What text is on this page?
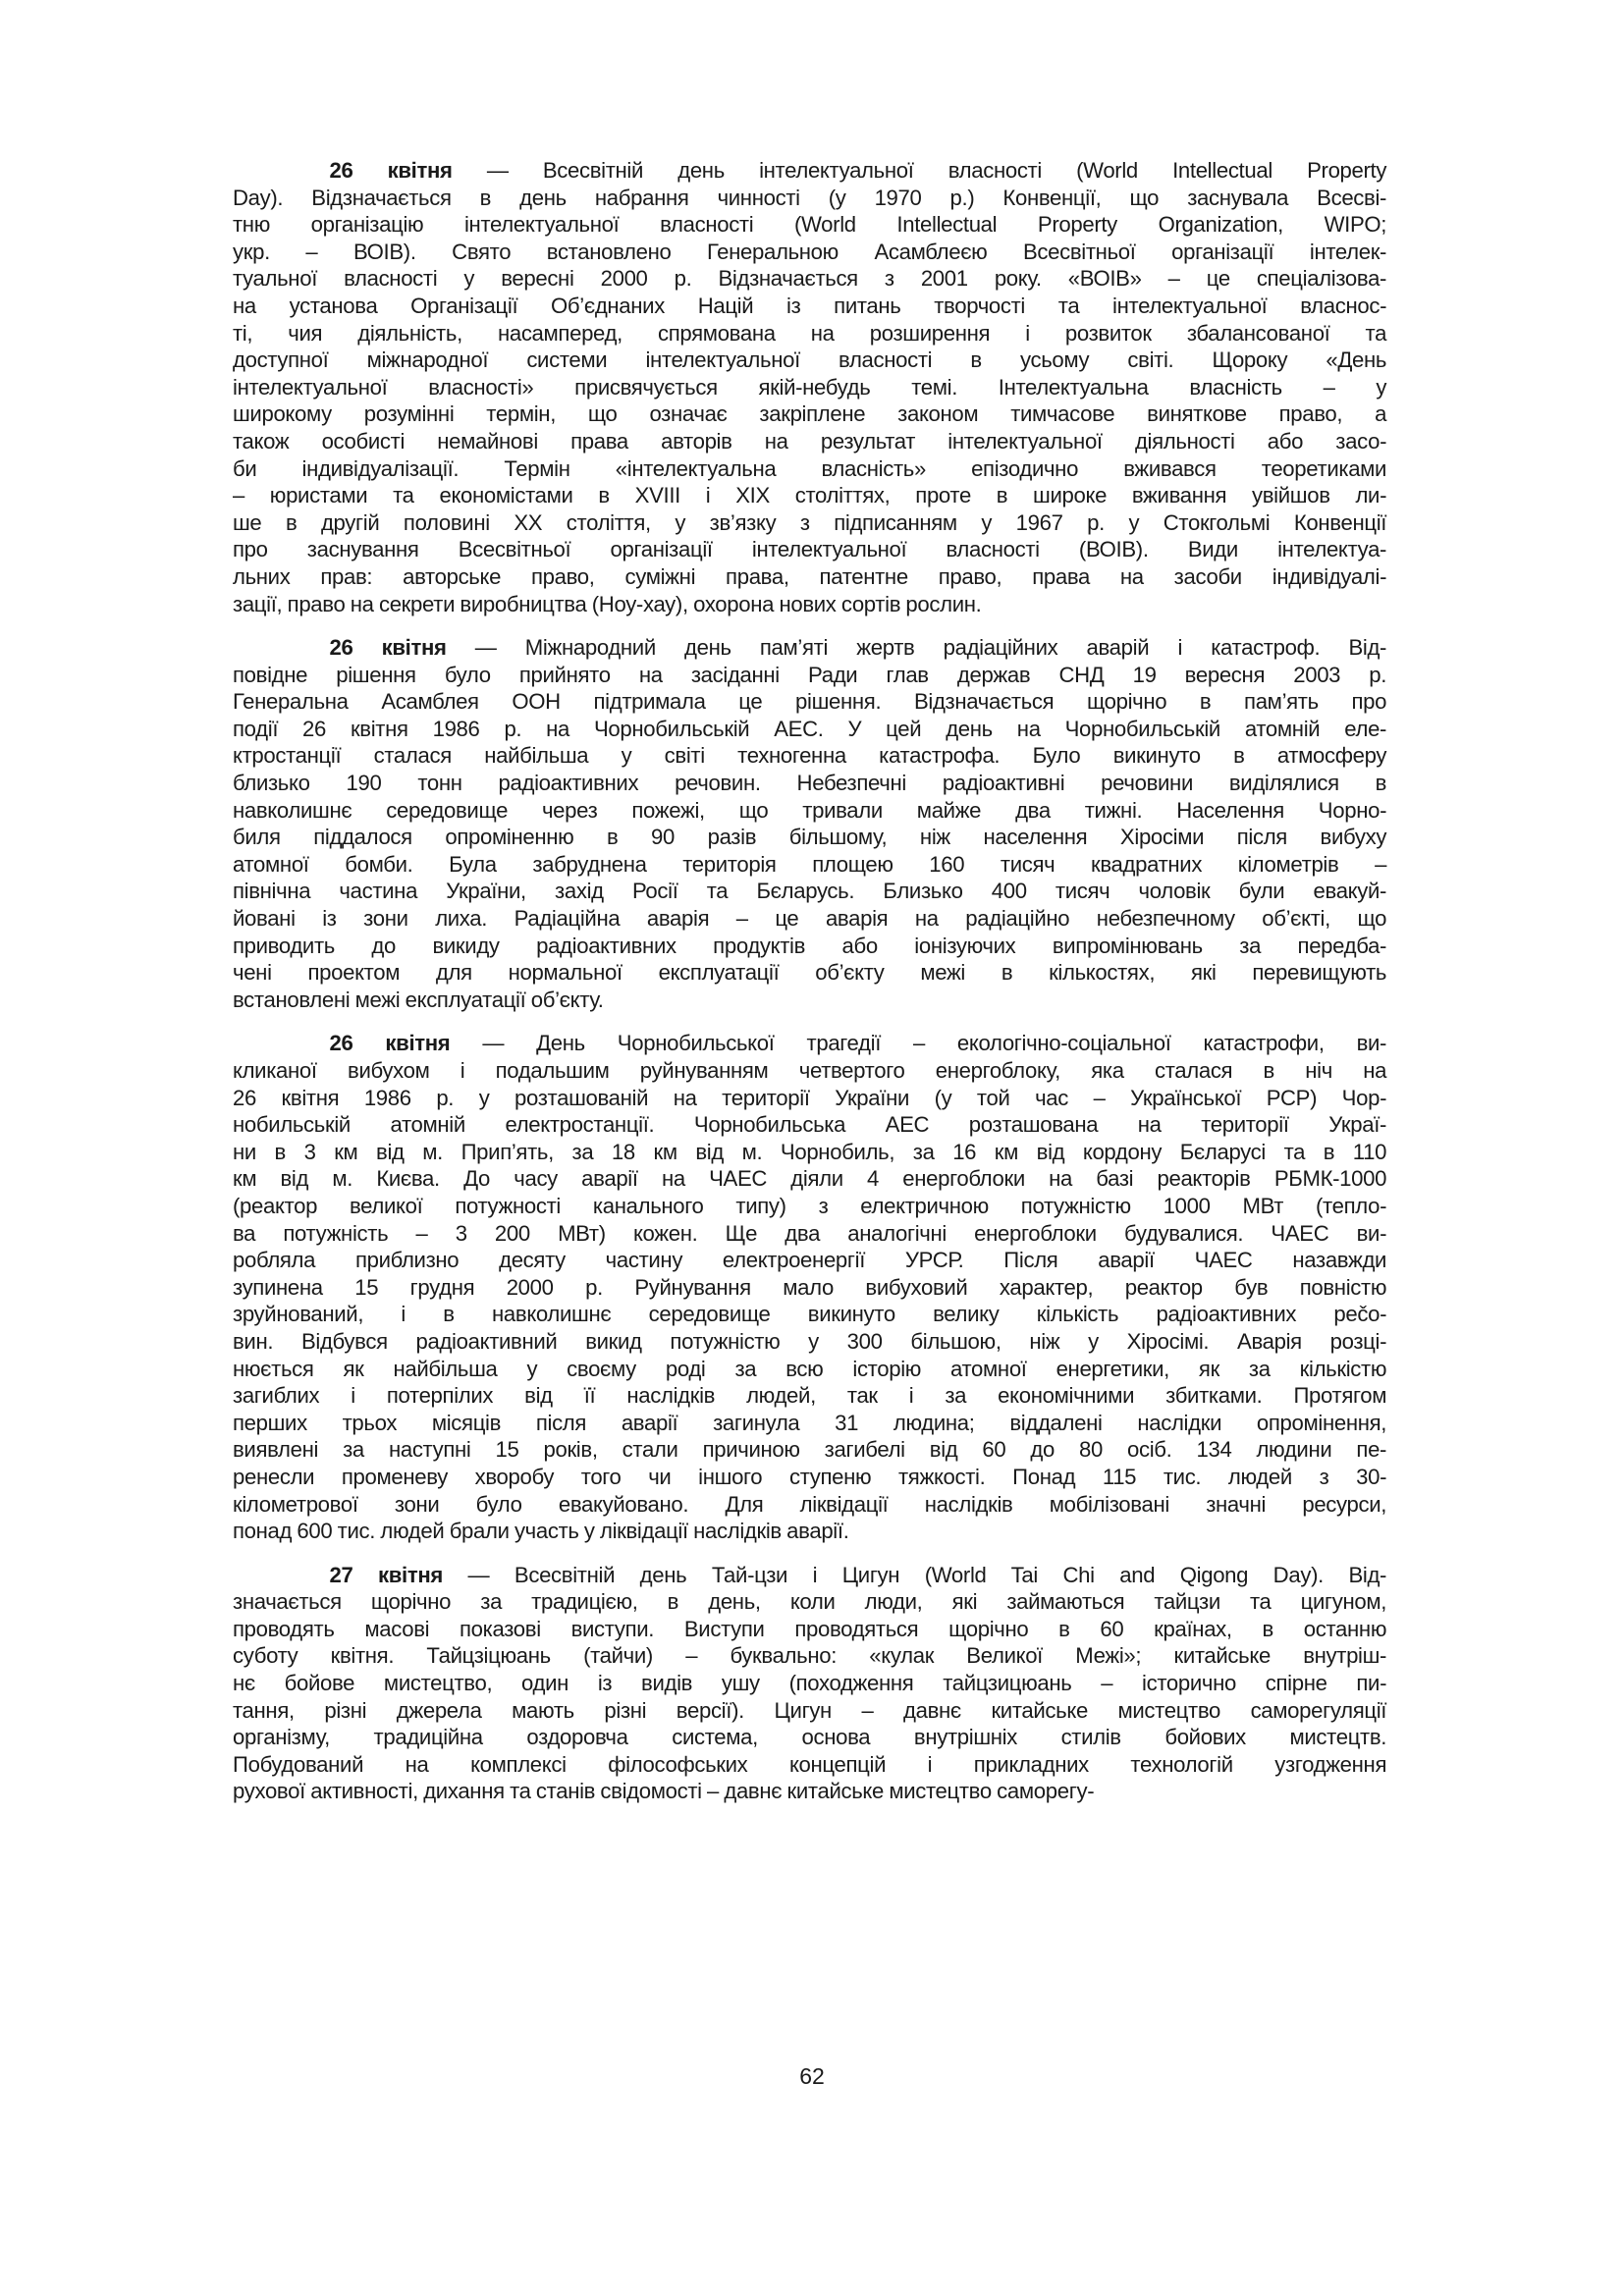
26 квітня — Всесвітній день інтелектуальної власності (World Intellectual Property
Day). Відзначається в день набрання чинності (у 1970 р.) Конвенції, що заснувала Всесві-
тню організацію інтелектуальної власності (World Intellectual Property Organization, WIPO;
укр. – ВОІВ). Свято встановлено Генеральною Асамблеєю Всесвітньої організації інтелек-
туальної власності у вересні 2000 р. Відзначається з 2001 року. «ВОІВ» – це спеціалізова-
на установа Організації Об’єднаних Націй із питань творчості та інтелектуальної власнос-
ті, чия діяльність, насамперед, спрямована на розширення і розвиток збалансованої та
доступної міжнародної системи інтелектуальної власності в усьому світі. Щороку «День
інтелектуальної власності» присвячується якій-небудь темі. Інтелектуальна власність – у
широкому розумінні термін, що означає закріплене законом тимчасове виняткове право, а
також особисті немайнові права авторів на результат інтелектуальної діяльності або засо-
би індивідуалізації. Термін «інтелектуальна власність» епізодично вживався теоретиками
– юристами та економістами в XVIII і XIX століттях, проте в широке вживання увійшов ли-
ше в другій половині XX століття, у зв’язку з підписанням у 1967 р. у Стокгольмі Конвенції
про заснування Всесвітньої організації інтелектуальної власності (ВОІВ). Види інтелектуа-
льних прав: авторське право, суміжні права, патентне право, права на засоби індивідуалі-
зації, право на секрети виробництва (Ноу-хау), охорона нових сортів рослин.
26 квітня — Міжнародний день пам’яті жертв радіаційних аварій і катастроф. Від-
повідне рішення було прийнято на засіданні Ради глав держав СНД 19 вересня 2003 р.
Генеральна Асамблея ООН підтримала це рішення. Відзначається щорічно в пам’ять про
події 26 квітня 1986 р. на Чорнобильській АЕС. У цей день на Чорнобильській атомній еле-
ктростанції сталася найбільша у світі техногенна катастрофа. Було викинуто в атмосферу
близько 190 тонн радіоактивних речовин. Небезпечні радіоактивні речовини виділялися в
навколишнє середовище через пожежі, що тривали майже два тижні. Населення Чорно-
биля піддалося опроміненню в 90 разів більшому, ніж населення Хіросіми після вибуху
атомної бомби. Була забруднена територія площею 160 тисяч квадратних кілометрів –
північна частина України, захід Росії та Бєларусь. Близько 400 тисяч чоловік були евакуй-
йовані із зони лиха. Радіаційна аварія – це аварія на радіаційно небезпечному об’єкті, що
приводить до викиду радіоактивних продуктів або іонізуючих випромінювань за передба-
чені проектом для нормальної експлуатації об’єкту межі в кількостях, які перевищують
встановлені межі експлуатації об’єкту.
26 квітня — День Чорнобильської трагедії – екологічно-соціальної катастрофи, ви-
кликаної вибухом і подальшим руйнуванням четвертого енергоблоку, яка сталася в ніч на
26 квітня 1986 р. у розташованій на території України (у той час – Української РСР) Чор-
нобильській атомній електростанції. Чорнобильська АЕС розташована на території Украї-
ни в 3 км від м. Прип’ять, за 18 км від м. Чорнобиль, за 16 км від кордону Бєларусі та в 110
км від м. Києва. До часу аварії на ЧАЕС діяли 4 енергоблоки на базі реакторів РБМК-1000
(реактор великої потужності канального типу) з електричною потужністю 1000 МВт (тепло-
ва потужність – 3 200 МВт) кожен. Ще два аналогічні енергоблоки будувалися. ЧАЕС ви-
робляла приблизно десяту частину електроенергії УРСР. Після аварії ЧАЕС назавжди
зупинена 15 грудня 2000 р. Руйнування мало вибуховий характер, реактор був повністю
зруйнований, і в навколишнє середовище викинуто велику кількість радіоактивних рečо-
вин. Відбувся радіоактивний викид потужністю у 300 більшою, ніж у Хіросімі. Аварія розці-
нюється як найбільша у своєму роді за всю історію атомної енергетики, як за кількістю
загиблих і потерпілих від її наслідків людей, так і за економічними збитками. Протягом
перших трьох місяців після аварії загинула 31 людина; віддалені наслідки опромінення,
виявлені за наступні 15 років, стали причиною загибелі від 60 до 80 осіб. 134 людини пе-
ренесли променеву хворобу того чи іншого ступеню тяжкості. Понад 115 тис. людей з 30-
кілометрової зони було евакуйовано. Для ліквідації наслідків мобілізовані значні ресурси,
понад 600 тис. людей брали участь у ліквідації наслідків аварії.
27 квітня — Всесвітній день Тай-цзи і Цигун (World Tai Chi and Qigong Day). Від-
значається щорічно за традицією, в день, коли люди, які займаються тайцзи та цигуном,
проводять масові показові виступи. Виступи проводяться щорічно в 60 країнах, в останню
суботу квітня. Тайцзіцюань (тайчи) – буквально: «кулак Великої Межі»; китайське внутріш-
нє бойове мистецтво, один із видів ушу (походження тайцзицюань – історично спірне пи-
тання, різні джерела мають різні версії). Цигун – давнє китайське мистецтво саморегуляції
організму, традиційна оздоровча система, основа внутрішніх стилів бойових мистецтв.
Побудований на комплексі філософських концепцій і прикладних технологій узгодження
рухової активності, дихання та станів свідомості – давнє китайське мистецтво саморегу-
62
